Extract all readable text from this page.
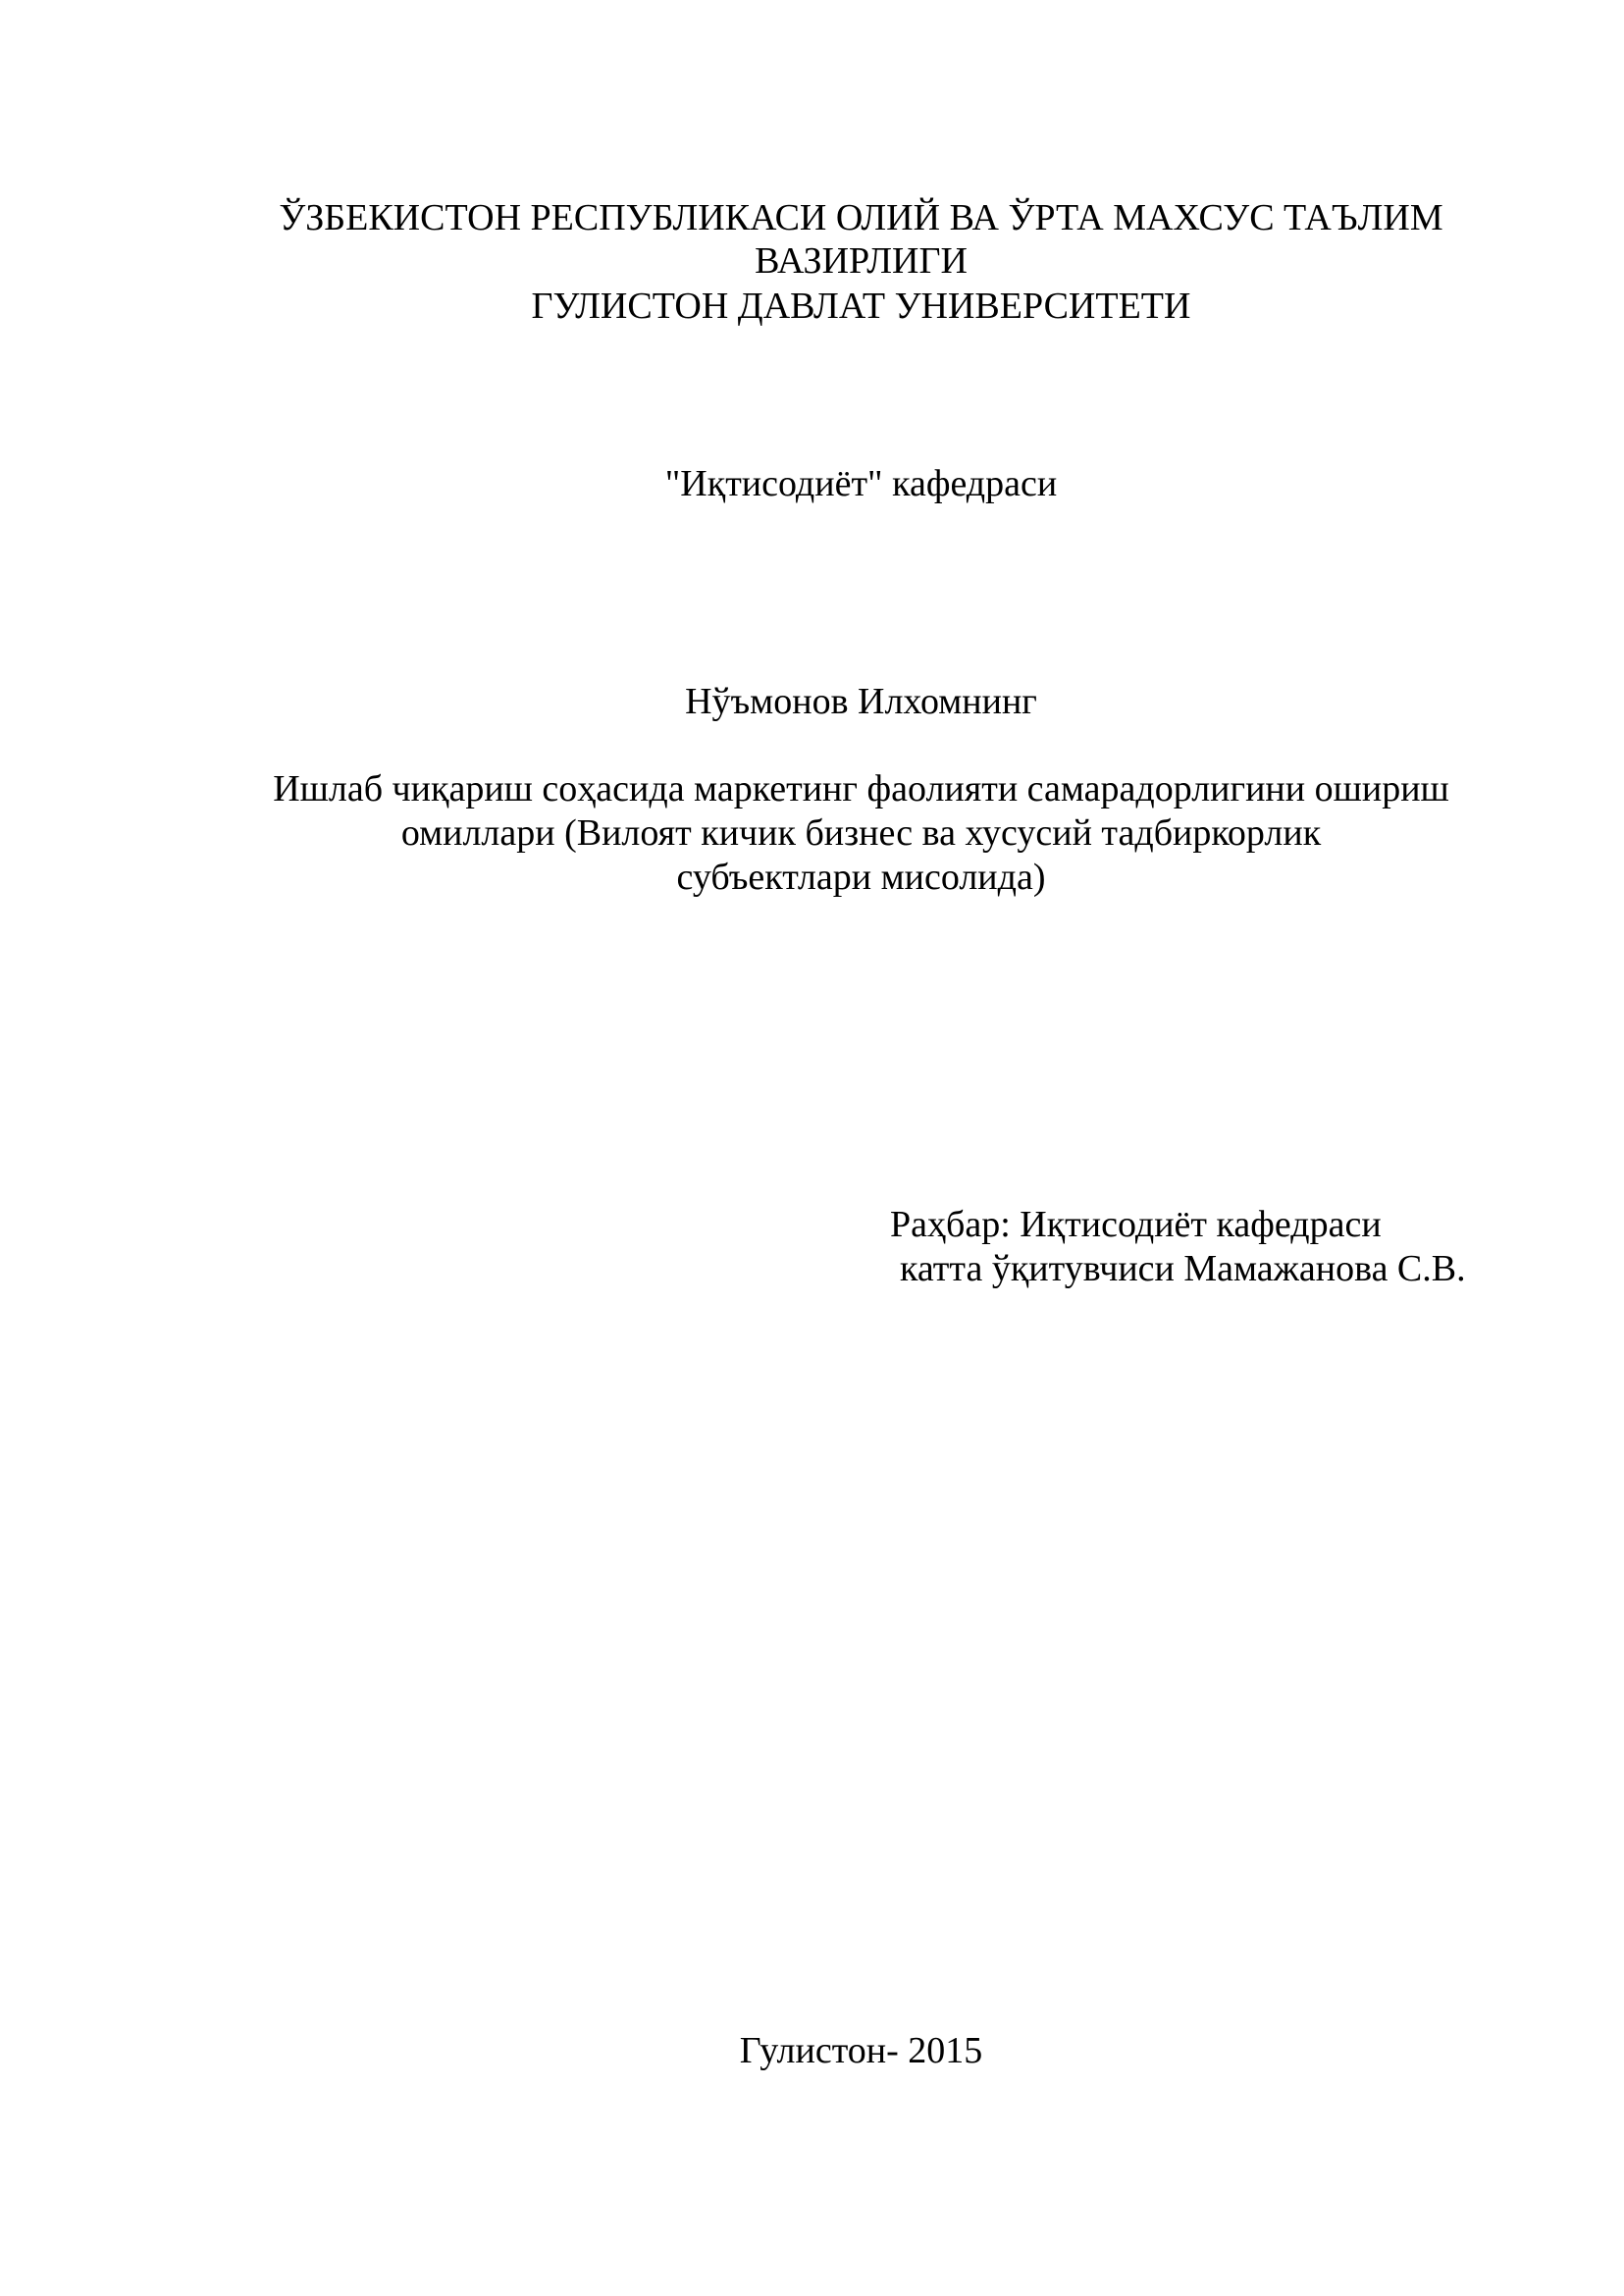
ЎЗБЕКИСТОН РЕСПУБЛИКАСИ ОЛИЙ ВА ЎРТА МАХСУС ТАЪЛИМ
ВАЗИРЛИГИ
ГУЛИСТОН ДАВЛАТ УНИВЕРСИТЕТИ
"Иқтисодиёт" кафедраси
Нўъмонов Илхомнинг
Ишлаб чиқариш соҳасида маркетинг фаолияти самарадорлигини ошириш
омиллари (Вилоят кичик бизнес ва хусусий тадбиркорлик
субъектлари мисолида)
Раҳбар: Иқтисодиёт кафедраси
катта ўқитувчиси Мамажанова С.В.
Гулистон- 2015
